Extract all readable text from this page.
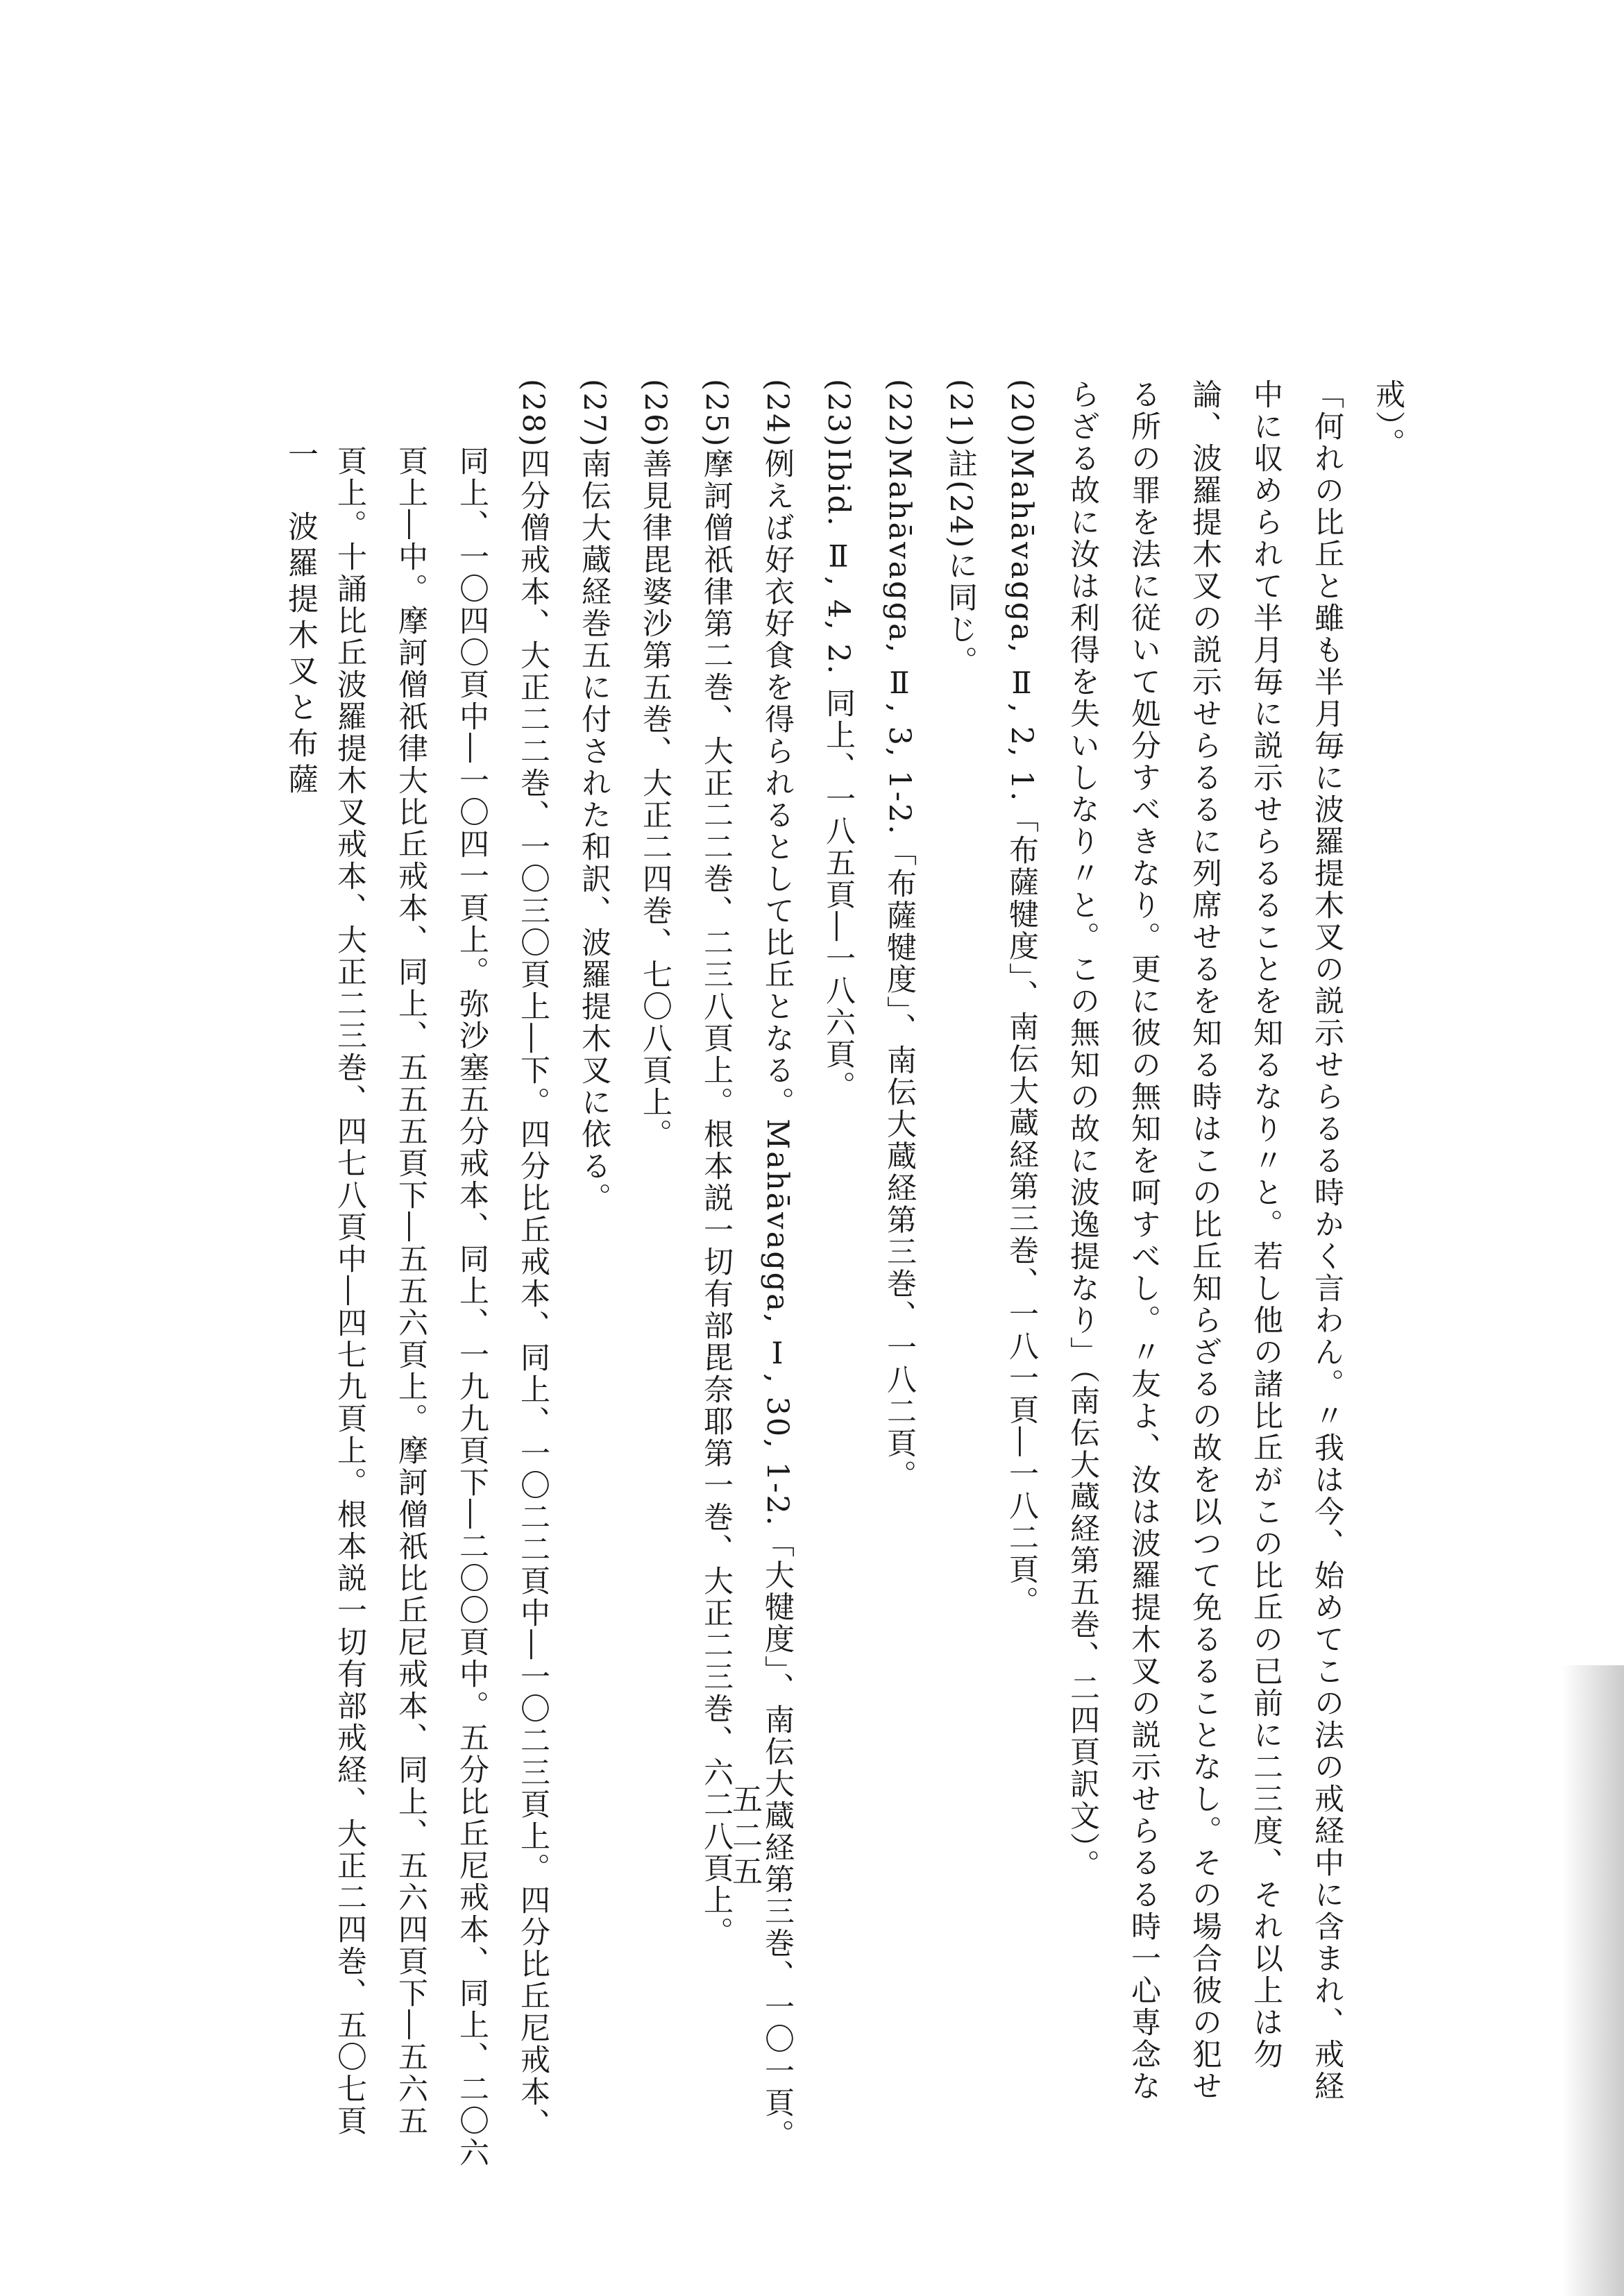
戒）。
「何れの比丘と雖も半月毎に波羅提木叉の説示せらるる時かく言わん。〃我は今、始めてこの法の戒経中に含まれ、戒経
中に収められて半月毎に説示せらるることを知るなり〃と。若し他の諸比丘がこの比丘の已前に二三度、それ以上は勿
論、波羅提木叉の説示せらるるに列席せるを知る時はこの比丘知らざるの故を以つて免るることなし。その場合彼の犯せ
る所の罪を法に従いて処分すべきなり。更に彼の無知を呵すべし。〃友よ、汝は波羅提木叉の説示せらるる時一心専念な
らざる故に汝は利得を失いしなり〃と。この無知の故に波逸提なり」（南伝大蔵経第五巻、二四頁訳文）。
(20)Mahāvagga, Ⅱ, 2, 1.「布薩犍度」、南伝大蔵経第三巻、一八一頁―一八二頁。
(21)註(24)に同じ。
(22)Mahāvagga, Ⅱ, 3, 1-2.「布薩犍度」、南伝大蔵経第三巻、一八二頁。
(23)Ibid. Ⅱ, 4, 2. 同上、一八五頁―一八六頁。
(24)例えば好衣好食を得られるとして比丘となる。Mahāvagga, Ⅰ, 30, 1-2.「大犍度」、南伝大蔵経第三巻、一〇一頁。
(25)摩訶僧祇律第二巻、大正二二巻、二三八頁上。根本説一切有部毘奈耶第一巻、大正二三巻、六二八頁上。
(26)善見律毘婆沙第五巻、大正二四巻、七〇八頁上。
(27)南伝大蔵経巻五に付された和訳、波羅提木叉に依る。
(28)四分僧戒本、大正二二巻、一〇三〇頁上―下。四分比丘戒本、同上、一〇二二頁中―一〇二三頁上。四分比丘尼戒本、
同上、一〇四〇頁中―一〇四一頁上。弥沙塞五分戒本、同上、一九九頁下―二〇〇頁中。五分比丘尼戒本、同上、二〇六
頁上―中。摩訶僧祇律大比丘戒本、同上、五五五頁下―五五六頁上。摩訶僧祇比丘尼戒本、同上、五六四頁下―五六五
頁上。十誦比丘波羅提木叉戒本、大正二三巻、四七八頁中―四七九頁上。根本説一切有部戒経、大正二四巻、五〇七頁
一　波羅提木叉と布薩
五二五
